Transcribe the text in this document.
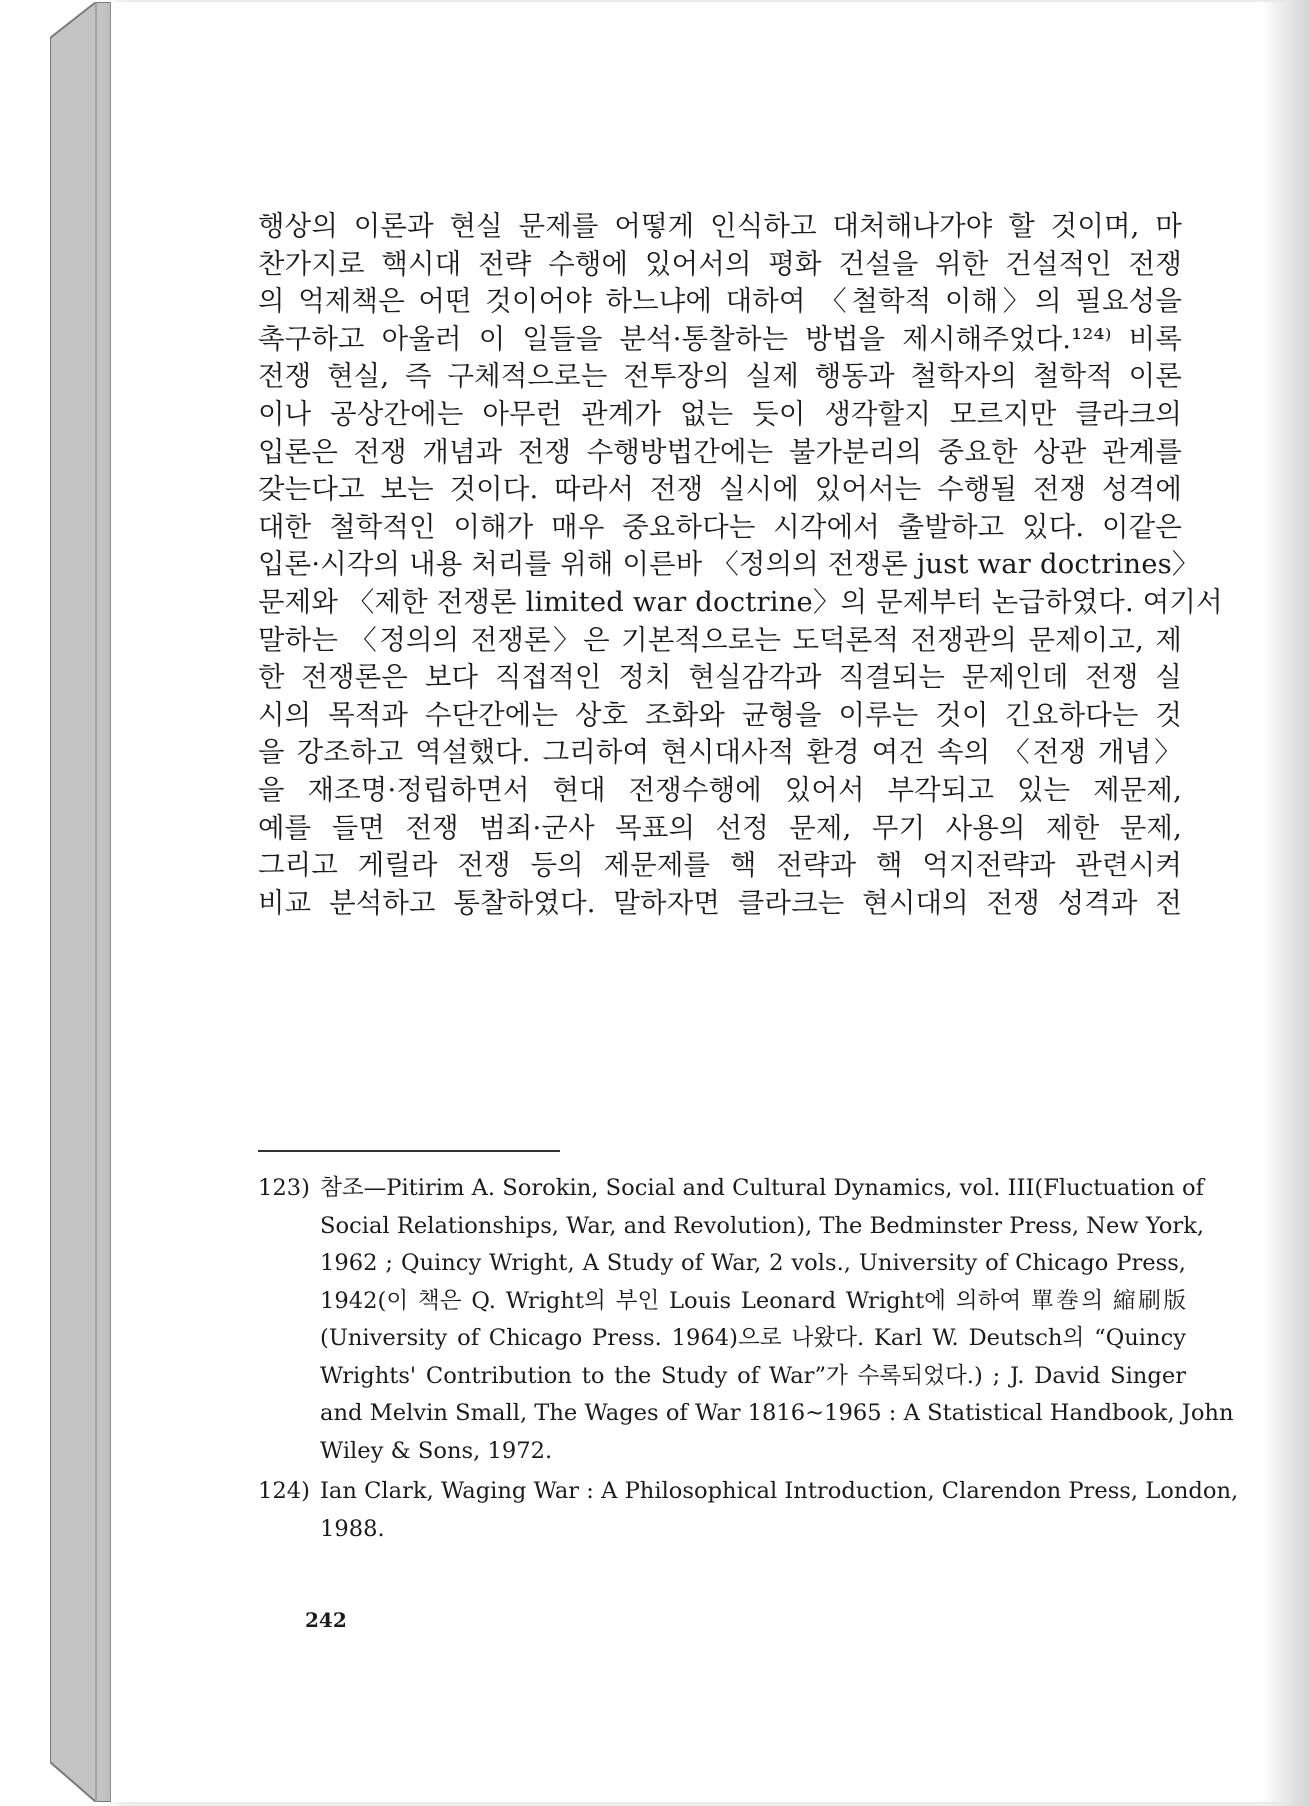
행상의 이론과 현실 문제를 어떻게 인식하고 대처해나가야 할 것이며, 마
찬가지로 핵시대 전략 수행에 있어서의 평화 건설을 위한 건설적인 전쟁
의 억제책은 어떤 것이어야 하느냐에 대하여 〈철학적 이해〉의 필요성을
촉구하고 아울러 이 일들을 분석·통찰하는 방법을 제시해주었다.¹²⁴⁾ 비록
전쟁 현실, 즉 구체적으로는 전투장의 실제 행동과 철학자의 철학적 이론
이나 공상간에는 아무런 관계가 없는 듯이 생각할지 모르지만 클라크의
입론은 전쟁 개념과 전쟁 수행방법간에는 불가분리의 중요한 상관 관계를
갖는다고 보는 것이다. 따라서 전쟁 실시에 있어서는 수행될 전쟁 성격에
대한 철학적인 이해가 매우 중요하다는 시각에서 출발하고 있다. 이같은
입론·시각의 내용 처리를 위해 이른바 〈정의의 전쟁론 just war doctrines〉
문제와 〈제한 전쟁론 limited war doctrine〉의 문제부터 논급하였다. 여기서
말하는 〈정의의 전쟁론〉은 기본적으로는 도덕론적 전쟁관의 문제이고, 제
한 전쟁론은 보다 직접적인 정치 현실감각과 직결되는 문제인데 전쟁 실
시의 목적과 수단간에는 상호 조화와 균형을 이루는 것이 긴요하다는 것
을 강조하고 역설했다. 그리하여 현시대사적 환경 여건 속의 〈전쟁 개념〉
을 재조명·정립하면서 현대 전쟁수행에 있어서 부각되고 있는 제문제,
예를 들면 전쟁 범죄·군사 목표의 선정 문제, 무기 사용의 제한 문제,
그리고 게릴라 전쟁 등의 제문제를 핵 전략과 핵 억지전략과 관련시켜
비교 분석하고 통찰하였다. 말하자면 클라크는 현시대의 전쟁 성격과 전
123) 참조—Pitirim A. Sorokin, Social and Cultural Dynamics, vol. III(Fluctuation of
Social Relationships, War, and Revolution), The Bedminster Press, New York,
1962 ; Quincy Wright, A Study of War, 2 vols., University of Chicago Press,
1942(이 책은 Q. Wright의 부인 Louis Leonard Wright에 의하여 單巻의 縮刷版
(University of Chicago Press. 1964)으로 나왔다. Karl W. Deutsch의 “Quincy
Wrights' Contribution to the Study of War”가 수록되었다.) ; J. David Singer
and Melvin Small, The Wages of War 1816~1965 : A Statistical Handbook, John
Wiley & Sons, 1972.
124) Ian Clark, Waging War : A Philosophical Introduction, Clarendon Press, London,
1988.
242
